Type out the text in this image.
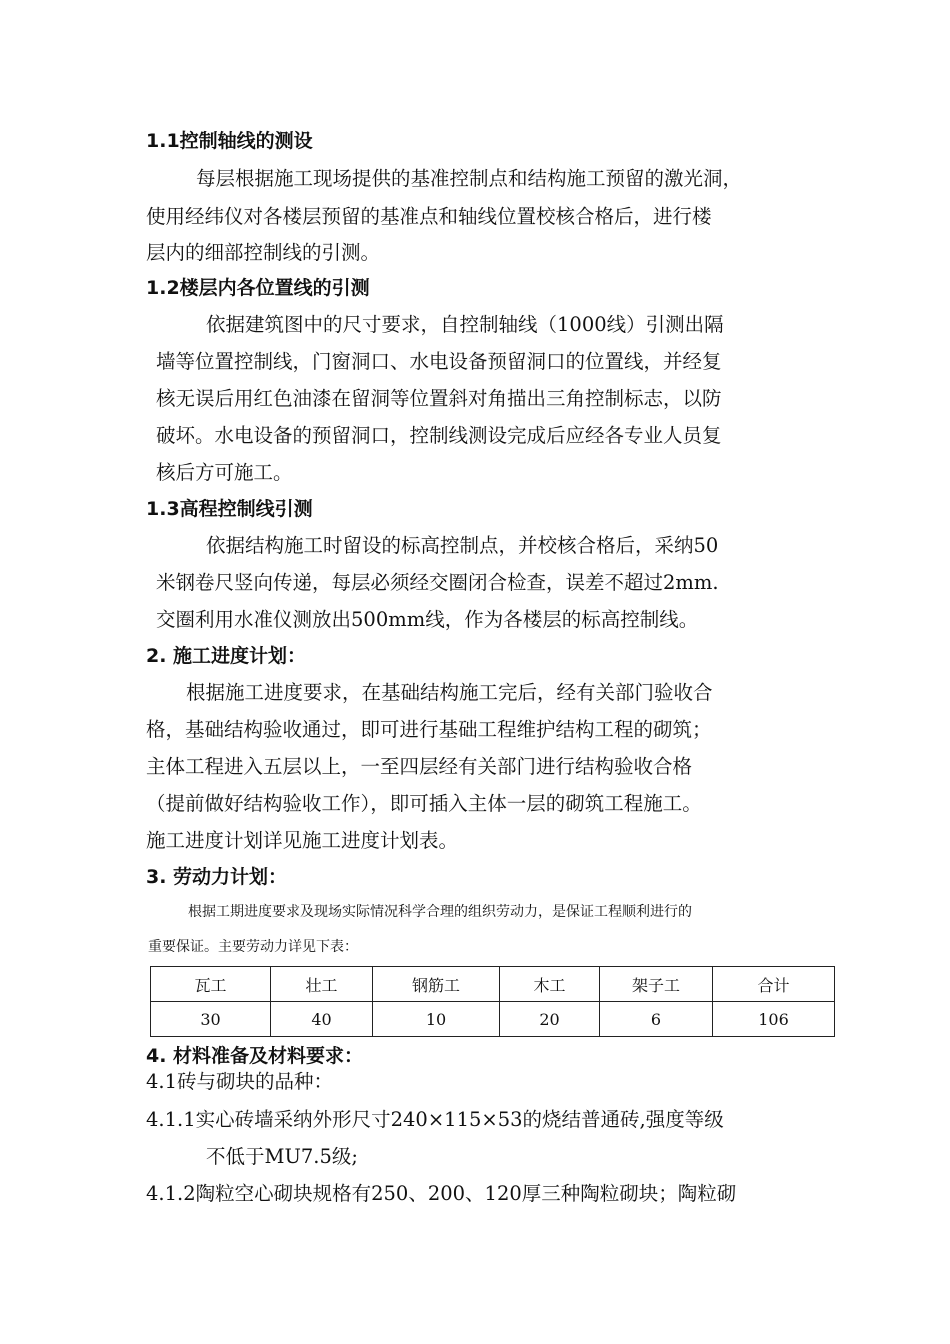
1.1控制轴线的测设
每层根据施工现场提供的基准控制点和结构施工预留的激光洞，
使用经纬仪对各楼层预留的基准点和轴线位置校核合格后，进行楼
层内的细部控制线的引测。
1.2楼层内各位置线的引测
依据建筑图中的尺寸要求，自控制轴线（1000线）引测出隔
墙等位置控制线，门窗洞口、水电设备预留洞口的位置线，并经复
核无误后用红色油漆在留洞等位置斜对角描出三角控制标志，以防
破坏。水电设备的预留洞口，控制线测设完成后应经各专业人员复
核后方可施工。
1.3高程控制线引测
依据结构施工时留设的标高控制点，并校核合格后，采纳50
米钢卷尺竖向传递，每层必须经交圈闭合检查，误差不超过2mm.
交圈利用水准仪测放出500mm线，作为各楼层的标高控制线。
2. 施工进度计划：
根据施工进度要求，在基础结构施工完后，经有关部门验收合
格，基础结构验收通过，即可进行基础工程维护结构工程的砌筑；
主体工程进入五层以上，一至四层经有关部门进行结构验收合格
（提前做好结构验收工作），即可插入主体一层的砌筑工程施工。
施工进度计划详见施工进度计划表。
3. 劳动力计划：
根据工期进度要求及现场实际情况科学合理的组织劳动力，是保证工程顺利进行的
重要保证。主要劳动力详见下表：
瓦工	壮工	钢筋工	木工	架子工	合计
30	40	10	20	6	106
4. 材料准备及材料要求：
4.1砖与砌块的品种：
4.1.1实心砖墙采纳外形尺寸240×115×53的烧结普通砖,强度等级
不低于MU7.5级;
4.1.2陶粒空心砌块规格有250、200、120厚三种陶粒砌块；陶粒砌
